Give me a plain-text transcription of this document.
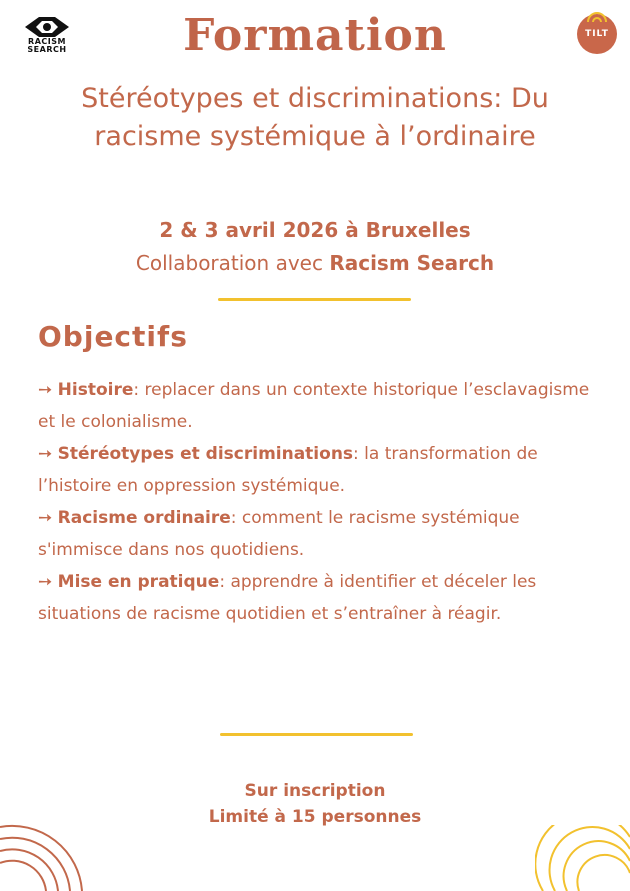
RACISM
SEARCH
TILT
Formation

Stéréotypes et discriminations: Du racisme systémique à l’ordinaire

2 & 3 avril 2026 à Bruxelles
Collaboration avec Racism Search
Objectifs
➙ Histoire: replacer dans un contexte historique l’esclavagisme et le colonialisme.
➙ Stéréotypes et discriminations: la transformation de l’histoire en oppression systémique.
➙ Racisme ordinaire: comment le racisme systémique s'immisce dans nos quotidiens.
➙ Mise en pratique: apprendre à identifier et déceler les situations de racisme quotidien et s’entraîner à réagir.
Sur inscription
Limité à 15 personnes
